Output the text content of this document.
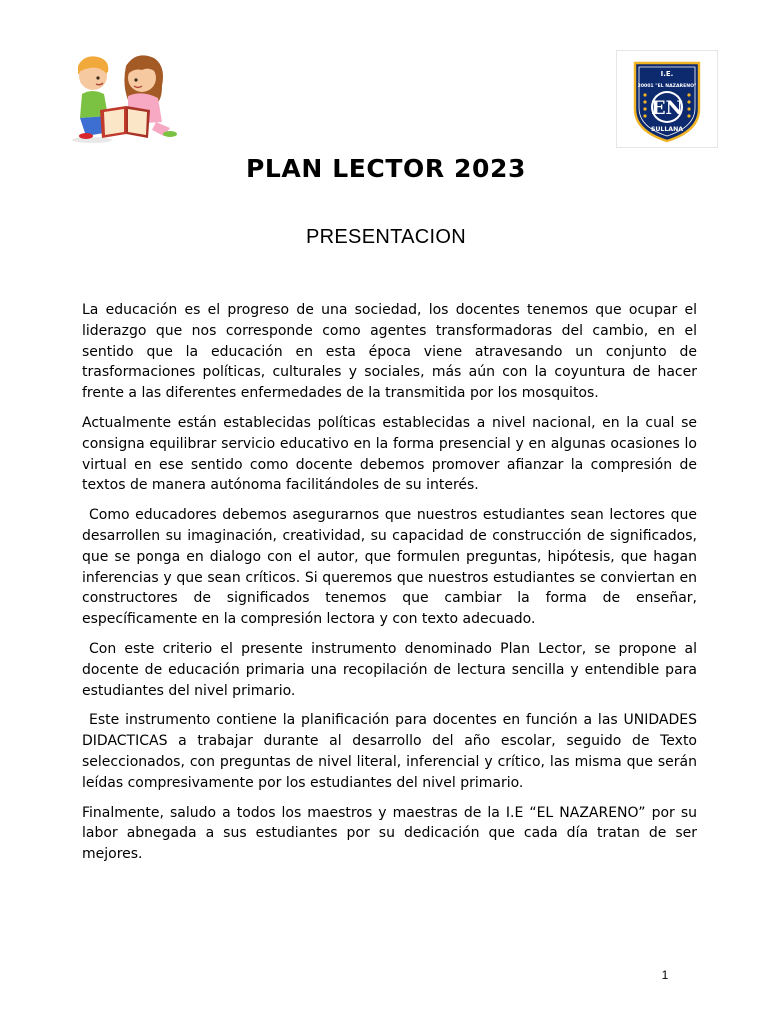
I.E.
20001 "EL NAZARENO"
EN
SULLANA
PLAN LECTOR 2023
PRESENTACION

La educación es el progreso de una sociedad, los docentes tenemos que ocupar el liderazgo que nos corresponde como agentes transformadoras del cambio, en el sentido que la educación en esta época viene atravesando un conjunto de trasformaciones políticas, culturales y sociales, más aún con la coyuntura de hacer frente a las diferentes enfermedades de la transmitida por los mosquitos.

Actualmente están establecidas políticas establecidas a nivel nacional, en la cual se consigna equilibrar servicio educativo en la forma presencial y en algunas ocasiones lo virtual en ese sentido como docente debemos promover afianzar la compresión de textos de manera autónoma facilitándoles de su interés.

Como educadores debemos asegurarnos que nuestros estudiantes sean lectores que desarrollen su imaginación, creatividad, su capacidad de construcción de significados, que se ponga en dialogo con el autor, que formulen preguntas, hipótesis, que hagan inferencias y que sean críticos. Si queremos que nuestros estudiantes se conviertan en constructores de significados tenemos que cambiar la forma de enseñar, específicamente en la compresión lectora y con texto adecuado.

Con este criterio el presente instrumento denominado Plan Lector, se propone al docente de educación primaria una recopilación de lectura sencilla y entendible para estudiantes del nivel primario.

Este instrumento contiene la planificación para docentes en función a las UNIDADES DIDACTICAS a trabajar durante al desarrollo del año escolar, seguido de Texto seleccionados, con preguntas de nivel literal, inferencial y crítico, las misma que serán leídas compresivamente por los estudiantes del nivel primario.

Finalmente, saludo a todos los maestros y maestras de la I.E “EL NAZARENO” por su labor abnegada a sus estudiantes por su dedicación que cada día tratan de ser mejores.

1
